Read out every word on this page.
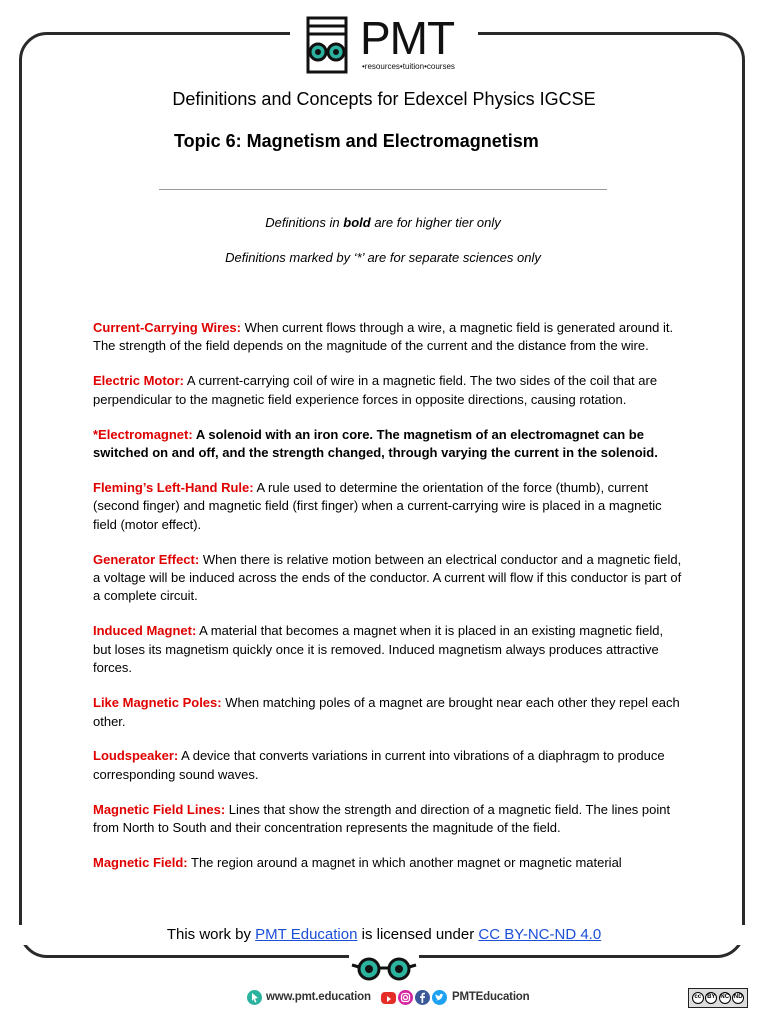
PMT
•resources•tuition•courses
Definitions and Concepts for Edexcel Physics IGCSE
Topic 6: Magnetism and Electromagnetism
Definitions in bold are for higher tier only
Definitions marked by ‘*’ are for separate sciences only

Current-Carrying Wires: When current flows through a wire, a magnetic field is generated around it. The strength of the field depends on the magnitude of the current and the distance from the wire.

Electric Motor: A current-carrying coil of wire in a magnetic field. The two sides of the coil that are perpendicular to the magnetic field experience forces in opposite directions, causing rotation.

*Electromagnet: A solenoid with an iron core. The magnetism of an electromagnet can be switched on and off, and the strength changed, through varying the current in the solenoid.

Fleming’s Left-Hand Rule: A rule used to determine the orientation of the force (thumb), current (second finger) and magnetic field (first finger) when a current-carrying wire is placed in a magnetic field (motor effect).

Generator Effect: When there is relative motion between an electrical conductor and a magnetic field, a voltage will be induced across the ends of the conductor. A current will flow if this conductor is part of a complete circuit.

Induced Magnet: A material that becomes a magnet when it is placed in an existing magnetic field, but loses its magnetism quickly once it is removed. Induced magnetism always produces attractive forces.

Like Magnetic Poles: When matching poles of a magnet are brought near each other they repel each other.

Loudspeaker: A device that converts variations in current into vibrations of a diaphragm to produce corresponding sound waves.

Magnetic Field Lines: Lines that show the strength and direction of a magnetic field. The lines point from North to South and their concentration represents the magnitude of the field.

Magnetic Field: The region around a magnet in which another magnet or magnetic material

This work by PMT Education is licensed under CC BY-NC-ND 4.0
www.pmt.education	PMTEducation	cc BY NC ND
